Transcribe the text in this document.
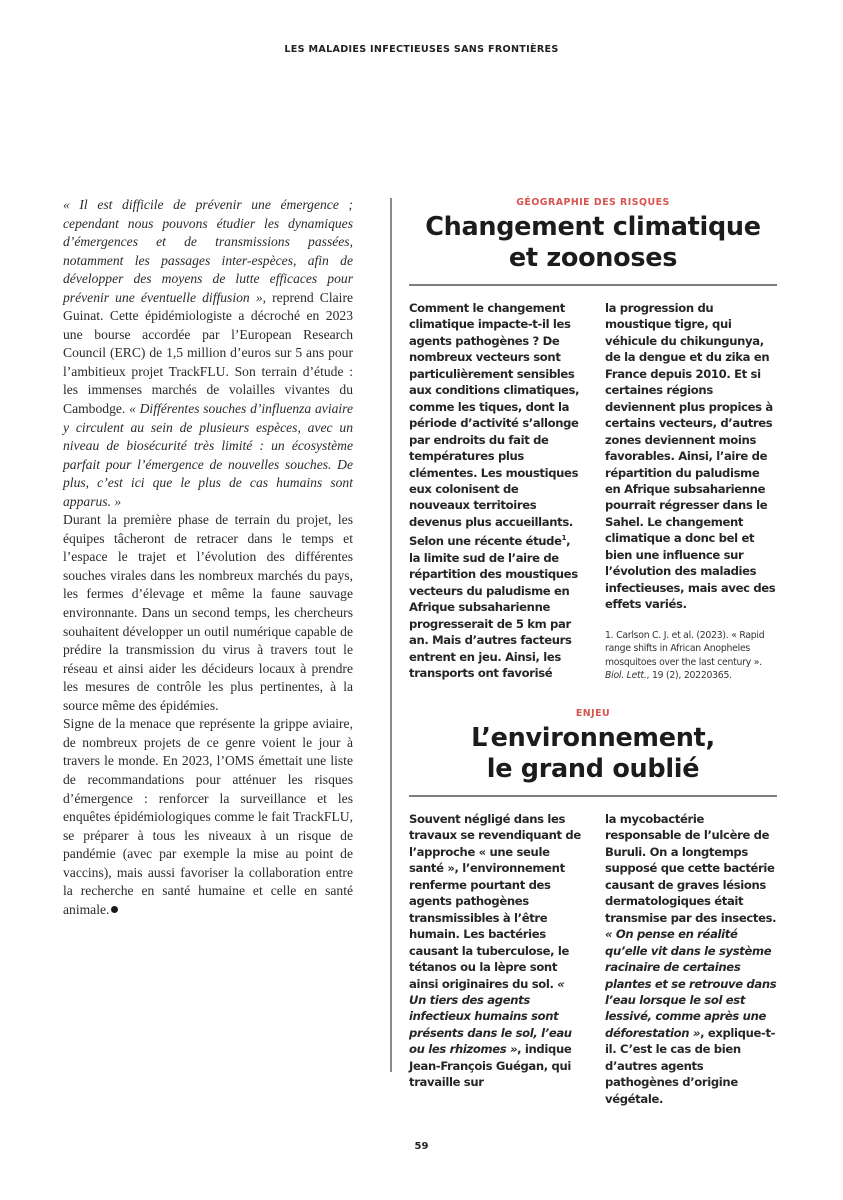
LES MALADIES INFECTIEUSES SANS FRONTIÈRES

« Il est difficile de prévenir une émergence ; cependant nous pouvons étudier les dynamiques d’émergences et de transmissions passées, notamment les passages inter-espèces, afin de développer des moyens de lutte efficaces pour prévenir une éventuelle diffusion », reprend Claire Guinat. Cette épidémiologiste a décroché en 2023 une bourse accordée par l’European Research Council (ERC) de 1,5 million d’euros sur 5 ans pour l’ambitieux projet TrackFLU. Son terrain d’étude : les immenses marchés de volailles vivantes du Cambodge. « Différentes souches d’influenza aviaire y circulent au sein de plusieurs espèces, avec un niveau de biosécurité très limité : un écosystème parfait pour l’émergence de nouvelles souches. De plus, c’est ici que le plus de cas humains sont apparus. »

Durant la première phase de terrain du projet, les équipes tâcheront de retracer dans le temps et l’espace le trajet et l’évolution des différentes souches virales dans les nombreux marchés du pays, les fermes d’élevage et même la faune sauvage environnante. Dans un second temps, les chercheurs souhaitent développer un outil numérique capable de prédire la transmission du virus à travers tout le réseau et ainsi aider les décideurs locaux à prendre les mesures de contrôle les plus pertinentes, à la source même des épidémies.

Signe de la menace que représente la grippe aviaire, de nombreux projets de ce genre voient le jour à travers le monde. En 2023, l’OMS émettait une liste de recommandations pour atténuer les risques d’émergence : renforcer la surveillance et les enquêtes épidémiologiques comme le fait TrackFLU, se préparer à tous les niveaux à un risque de pandémie (avec par exemple la mise au point de vaccins), mais aussi favoriser la collaboration entre la recherche en santé humaine et celle en santé animale.

GÉOGRAPHIE DES RISQUES
Changement climatique
et zoonoses

Comment le changement climatique impacte-t-il les agents pathogènes ? De nombreux vecteurs sont particulièrement sensibles aux conditions climatiques, comme les tiques, dont la période d’activité s’allonge par endroits du fait de températures plus clémentes. Les moustiques eux colonisent de nouveaux territoires devenus plus accueillants. Selon une récente étude$^1$, la limite sud de l’aire de répartition des moustiques vecteurs du paludisme en Afrique subsaharienne progresserait de 5 km par an. Mais d’autres facteurs entrent en jeu. Ainsi, les transports ont favorisé

la progression du moustique tigre, qui véhicule du chikungunya, de la dengue et du zika en France depuis 2010. Et si certaines régions deviennent plus propices à certains vecteurs, d’autres zones deviennent moins favorables. Ainsi, l’aire de répartition du paludisme en Afrique subsaharienne pourrait régresser dans le Sahel. Le changement climatique a donc bel et bien une influence sur l’évolution des maladies infectieuses, mais avec des effets variés.

1. Carlson C. J. et al. (2023). « Rapid range shifts in African Anopheles mosquitoes over the last century ». Biol. Lett., 19 (2), 20220365.
ENJEU
L’environnement,
le grand oublié

Souvent négligé dans les travaux se revendiquant de l’approche « une seule santé », l’environnement renferme pourtant des agents pathogènes transmissibles à l’être humain. Les bactéries causant la tuberculose, le tétanos ou la lèpre sont ainsi originaires du sol. « Un tiers des agents infectieux humains sont présents dans le sol, l’eau ou les rhizomes », indique Jean-François Guégan, qui travaille sur

la mycobactérie responsable de l’ulcère de Buruli. On a longtemps supposé que cette bactérie causant de graves lésions dermatologiques était transmise par des insectes. « On pense en réalité qu’elle vit dans le système racinaire de certaines plantes et se retrouve dans l’eau lorsque le sol est lessivé, comme après une déforestation », explique-t-il. C’est le cas de bien d’autres agents pathogènes d’origine végétale.

59
